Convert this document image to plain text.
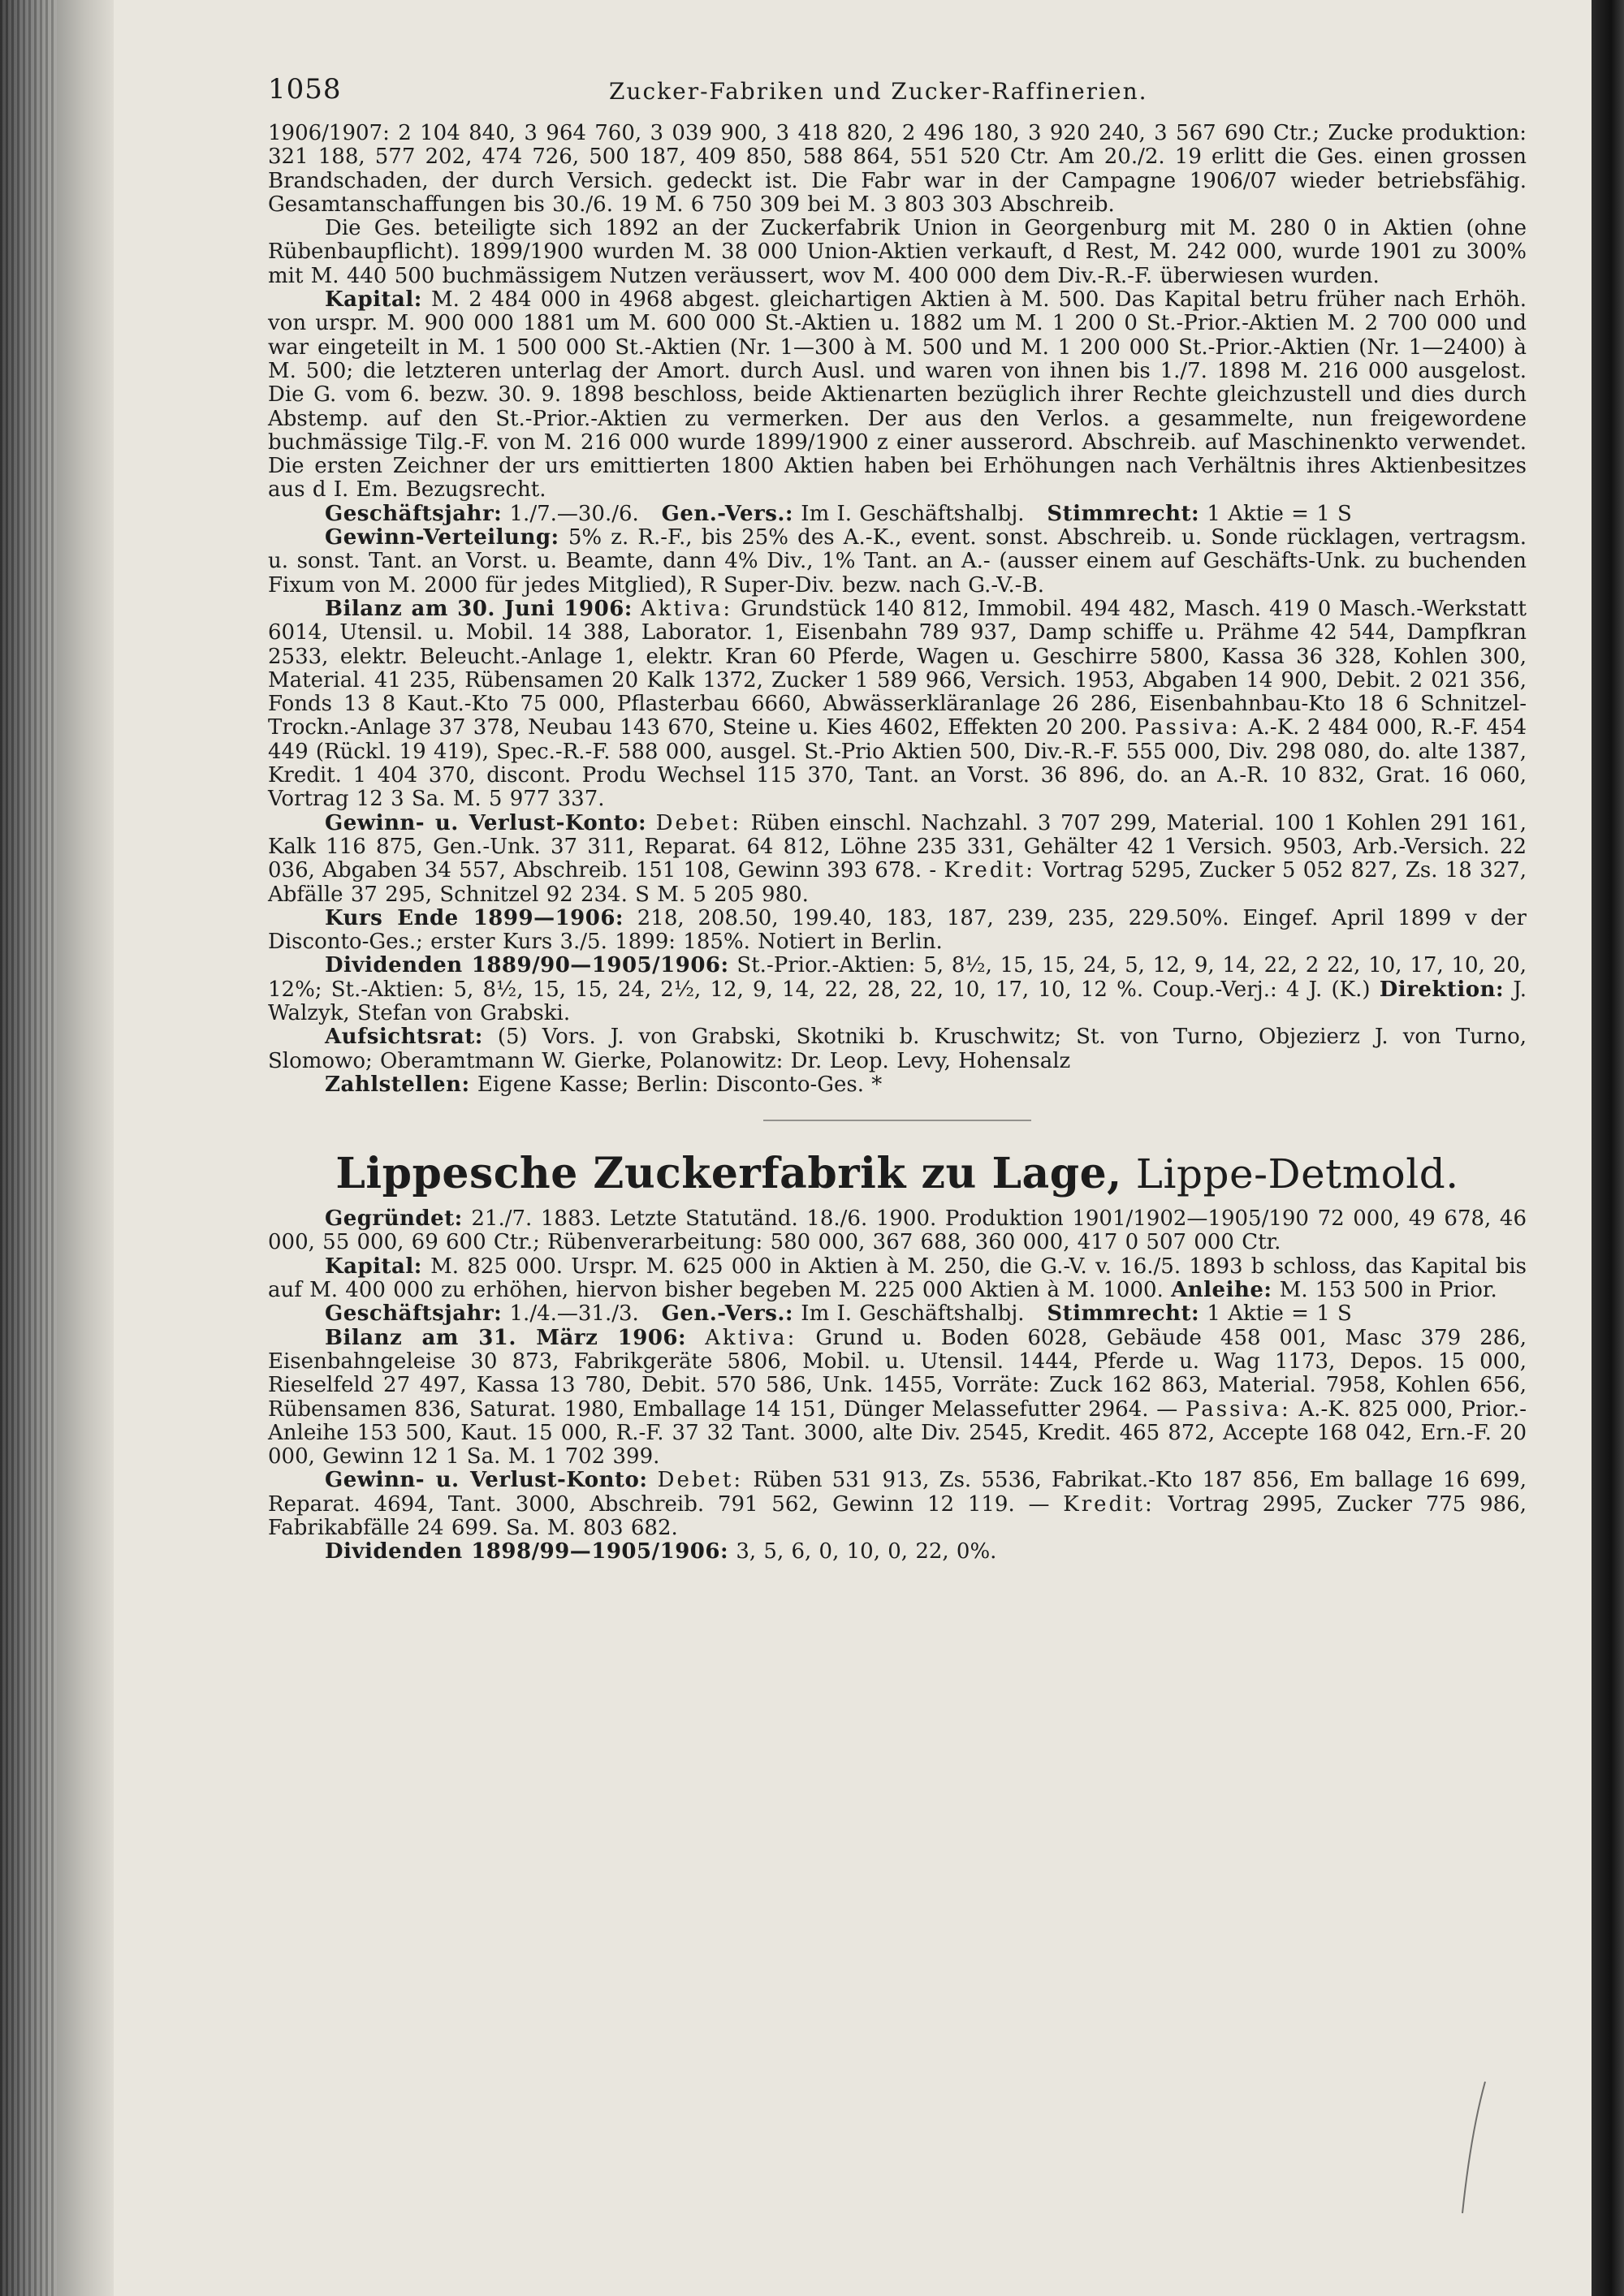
1058	Zucker-Fabriken und Zucker-Raffinerien.

1906/1907: 2 104 840, 3 964 760, 3 039 900, 3 418 820, 2 496 180, 3 920 240, 3 567 690 Ctr.; Zucke produktion: 321 188, 577 202, 474 726, 500 187, 409 850, 588 864, 551 520 Ctr. Am 20./2. 19 erlitt die Ges. einen grossen Brandschaden, der durch Versich. gedeckt ist. Die Fabr war in der Campagne 1906/07 wieder betriebsfähig. Gesamtanschaffungen bis 30./6. 19 M. 6 750 309 bei M. 3 803 303 Abschreib.

Die Ges. beteiligte sich 1892 an der Zuckerfabrik Union in Georgenburg mit M. 280 0 in Aktien (ohne Rübenbaupflicht). 1899/1900 wurden M. 38 000 Union-Aktien verkauft, d Rest, M. 242 000, wurde 1901 zu 300% mit M. 440 500 buchmässigem Nutzen veräussert, wov M. 400 000 dem Div.-R.-F. überwiesen wurden.

Kapital: M. 2 484 000 in 4968 abgest. gleichartigen Aktien à M. 500. Das Kapital betru früher nach Erhöh. von urspr. M. 900 000 1881 um M. 600 000 St.-Aktien u. 1882 um M. 1 200 0 St.-Prior.-Aktien M. 2 700 000 und war eingeteilt in M. 1 500 000 St.-Aktien (Nr. 1—300 à M. 500 und M. 1 200 000 St.-Prior.-Aktien (Nr. 1—2400) à M. 500; die letzteren unterlag der Amort. durch Ausl. und waren von ihnen bis 1./7. 1898 M. 216 000 ausgelost. Die G. vom 6. bezw. 30. 9. 1898 beschloss, beide Aktienarten bezüglich ihrer Rechte gleichzustell und dies durch Abstemp. auf den St.-Prior.-Aktien zu vermerken. Der aus den Verlos. a gesammelte, nun freigewordene buchmässige Tilg.-F. von M. 216 000 wurde 1899/1900 z einer ausserord. Abschreib. auf Maschinenkto verwendet. Die ersten Zeichner der urs emittierten 1800 Aktien haben bei Erhöhungen nach Verhältnis ihres Aktienbesitzes aus d I. Em. Bezugsrecht.

Geschäftsjahr: 1./7.—30./6. Gen.-Vers.: Im I. Geschäftshalbj. Stimmrecht: 1 Aktie = 1 S

Gewinn-Verteilung: 5% z. R.-F., bis 25% des A.-K., event. sonst. Abschreib. u. Sonde rücklagen, vertragsm. u. sonst. Tant. an Vorst. u. Beamte, dann 4% Div., 1% Tant. an A.- (ausser einem auf Geschäfts-Unk. zu buchenden Fixum von M. 2000 für jedes Mitglied), R Super-Div. bezw. nach G.-V.-B.

Bilanz am 30. Juni 1906: Aktiva: Grundstück 140 812, Immobil. 494 482, Masch. 419 0 Masch.-Werkstatt 6014, Utensil. u. Mobil. 14 388, Laborator. 1, Eisenbahn 789 937, Damp schiffe u. Prähme 42 544, Dampfkran 2533, elektr. Beleucht.-Anlage 1, elektr. Kran 60 Pferde, Wagen u. Geschirre 5800, Kassa 36 328, Kohlen 300, Material. 41 235, Rübensamen 20 Kalk 1372, Zucker 1 589 966, Versich. 1953, Abgaben 14 900, Debit. 2 021 356, Fonds 13 8 Kaut.-Kto 75 000, Pflasterbau 6660, Abwässerkläranlage 26 286, Eisenbahnbau-Kto 18 6 Schnitzel-Trockn.-Anlage 37 378, Neubau 143 670, Steine u. Kies 4602, Effekten 20 200. Passiva: A.-K. 2 484 000, R.-F. 454 449 (Rückl. 19 419), Spec.-R.-F. 588 000, ausgel. St.-Prio Aktien 500, Div.-R.-F. 555 000, Div. 298 080, do. alte 1387, Kredit. 1 404 370, discont. Produ Wechsel 115 370, Tant. an Vorst. 36 896, do. an A.-R. 10 832, Grat. 16 060, Vortrag 12 3 Sa. M. 5 977 337.

Gewinn- u. Verlust-Konto: Debet: Rüben einschl. Nachzahl. 3 707 299, Material. 100 1 Kohlen 291 161, Kalk 116 875, Gen.-Unk. 37 311, Reparat. 64 812, Löhne 235 331, Gehälter 42 1 Versich. 9503, Arb.-Versich. 22 036, Abgaben 34 557, Abschreib. 151 108, Gewinn 393 678. - Kredit: Vortrag 5295, Zucker 5 052 827, Zs. 18 327, Abfälle 37 295, Schnitzel 92 234. S M. 5 205 980.

Kurs Ende 1899—1906: 218, 208.50, 199.40, 183, 187, 239, 235, 229.50%. Eingef. April 1899 v der Disconto-Ges.; erster Kurs 3./5. 1899: 185%. Notiert in Berlin.

Dividenden 1889/90—1905/1906: St.-Prior.-Aktien: 5, 8½, 15, 15, 24, 5, 12, 9, 14, 22, 2 22, 10, 17, 10, 20, 12%; St.-Aktien: 5, 8½, 15, 15, 24, 2½, 12, 9, 14, 22, 28, 22, 10, 17, 10, 12 %. Coup.-Verj.: 4 J. (K.) Direktion: J. Walzyk, Stefan von Grabski.

Aufsichtsrat: (5) Vors. J. von Grabski, Skotniki b. Kruschwitz; St. von Turno, Objezierz J. von Turno, Slomowo; Oberamtmann W. Gierke, Polanowitz: Dr. Leop. Levy, Hohensalz

Zahlstellen: Eigene Kasse; Berlin: Disconto-Ges. *

Lippesche Zuckerfabrik zu Lage, Lippe-Detmold.

Gegründet: 21./7. 1883. Letzte Statutänd. 18./6. 1900. Produktion 1901/1902—1905/190 72 000, 49 678, 46 000, 55 000, 69 600 Ctr.; Rübenverarbeitung: 580 000, 367 688, 360 000, 417 0 507 000 Ctr.

Kapital: M. 825 000. Urspr. M. 625 000 in Aktien à M. 250, die G.-V. v. 16./5. 1893 b schloss, das Kapital bis auf M. 400 000 zu erhöhen, hiervon bisher begeben M. 225 000 Aktien à M. 1000. Anleihe: M. 153 500 in Prior.

Geschäftsjahr: 1./4.—31./3. Gen.-Vers.: Im I. Geschäftshalbj. Stimmrecht: 1 Aktie = 1 S

Bilanz am 31. März 1906: Aktiva: Grund u. Boden 6028, Gebäude 458 001, Masc 379 286, Eisenbahngeleise 30 873, Fabrikgeräte 5806, Mobil. u. Utensil. 1444, Pferde u. Wag 1173, Depos. 15 000, Rieselfeld 27 497, Kassa 13 780, Debit. 570 586, Unk. 1455, Vorräte: Zuck 162 863, Material. 7958, Kohlen 656, Rübensamen 836, Saturat. 1980, Emballage 14 151, Dünger Melassefutter 2964. — Passiva: A.-K. 825 000, Prior.-Anleihe 153 500, Kaut. 15 000, R.-F. 37 32 Tant. 3000, alte Div. 2545, Kredit. 465 872, Accepte 168 042, Ern.-F. 20 000, Gewinn 12 1 Sa. M. 1 702 399.

Gewinn- u. Verlust-Konto: Debet: Rüben 531 913, Zs. 5536, Fabrikat.-Kto 187 856, Em ballage 16 699, Reparat. 4694, Tant. 3000, Abschreib. 791 562, Gewinn 12 119. — Kredit: Vortrag 2995, Zucker 775 986, Fabrikabfälle 24 699. Sa. M. 803 682.

Dividenden 1898/99—1905/1906: 3, 5, 6, 0, 10, 0, 22, 0%.
